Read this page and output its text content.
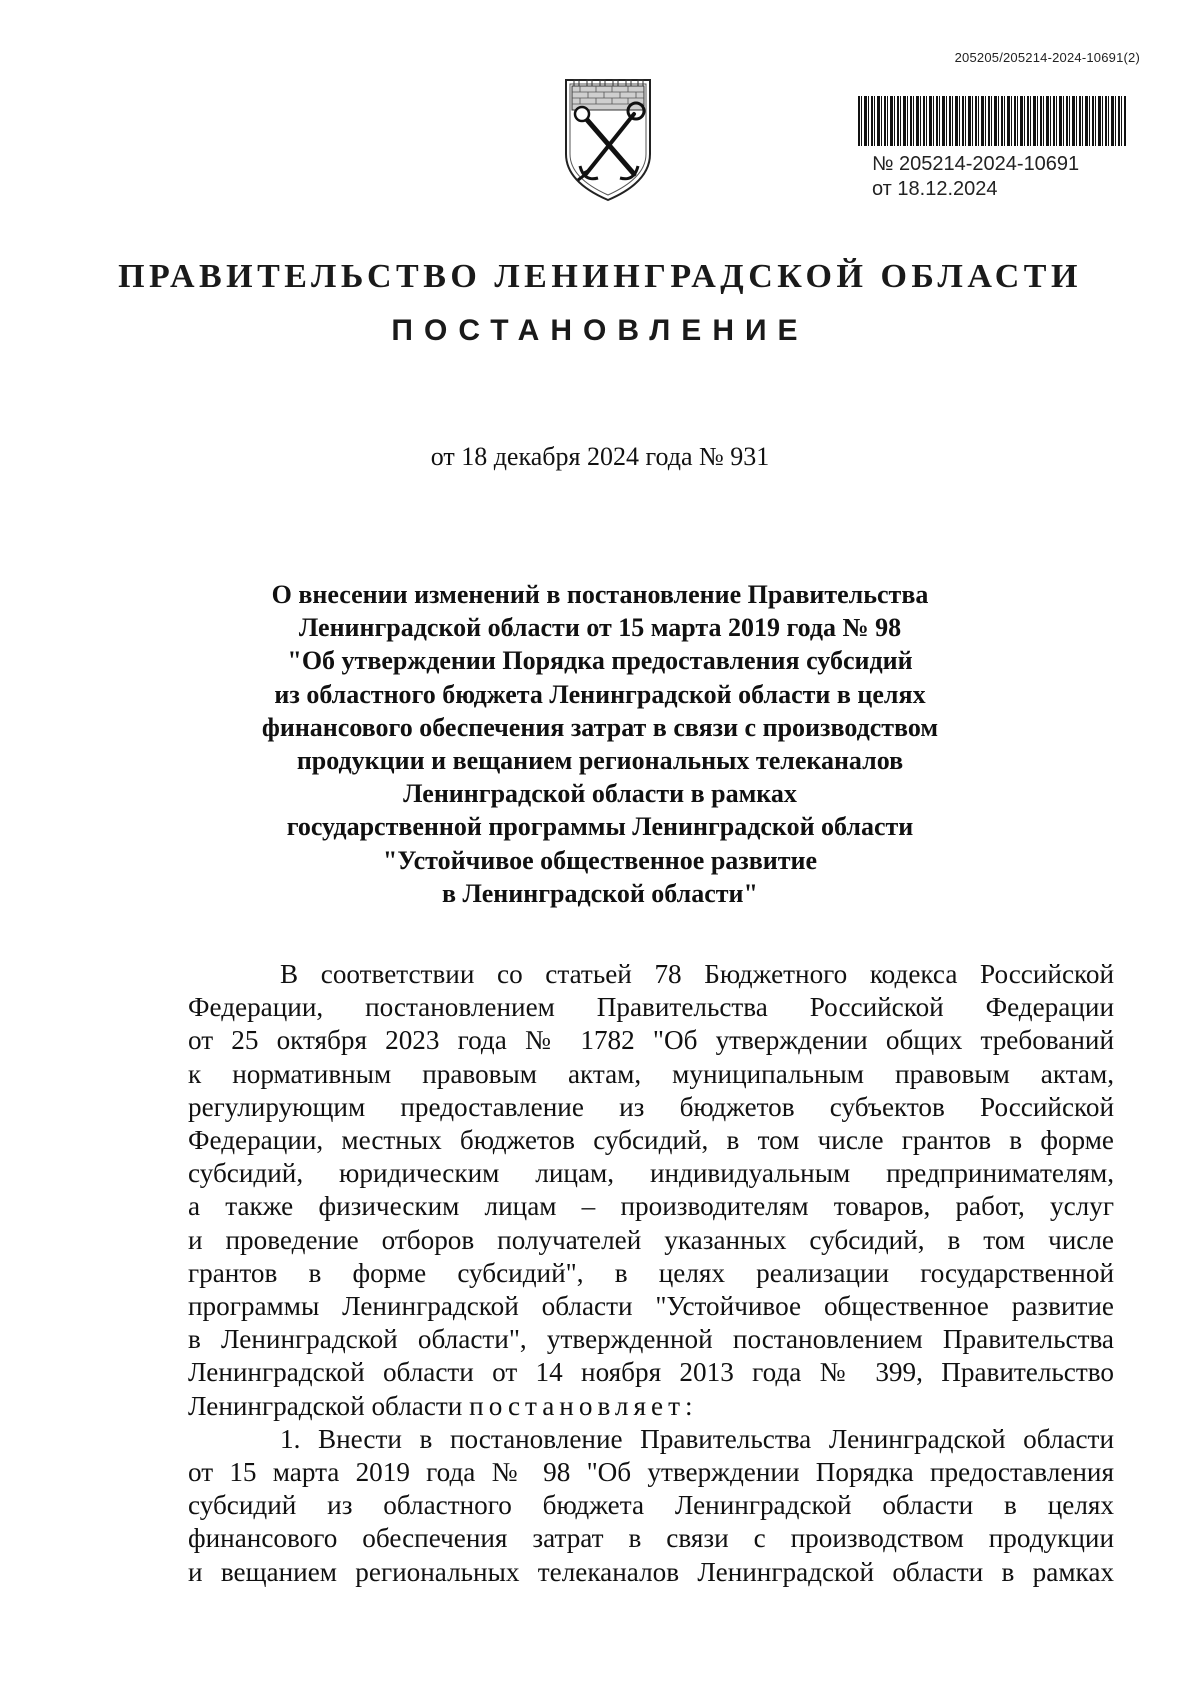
205205/205214-2024-10691(2)
№ 205214-2024-10691
от 18.12.2024
ПРАВИТЕЛЬСТВО ЛЕНИНГРАДСКОЙ ОБЛАСТИ
ПОСТАНОВЛЕНИЕ
от 18 декабря 2024 года № 931
О внесении изменений в постановление Правительства
Ленинградской области от 15 марта 2019 года № 98
"Об утверждении Порядка предоставления субсидий
из областного бюджета Ленинградской области в целях
финансового обеспечения затрат в связи с производством
продукции и вещанием региональных телеканалов
Ленинградской области в рамках
государственной программы Ленинградской области
"Устойчивое общественное развитие
в Ленинградской области"
В соответствии со статьей 78 Бюджетного кодекса Российской
Федерации, постановлением Правительства Российской Федерации
от 25 октября 2023 года № 1782 "Об утверждении общих требований
к нормативным правовым актам, муниципальным правовым актам,
регулирующим предоставление из бюджетов субъектов Российской
Федерации, местных бюджетов субсидий, в том числе грантов в форме
субсидий, юридическим лицам, индивидуальным предпринимателям,
а также физическим лицам – производителям товаров, работ, услуг
и проведение отборов получателей указанных субсидий, в том числе
грантов в форме субсидий", в целях реализации государственной
программы Ленинградской области "Устойчивое общественное развитие
в Ленинградской области", утвержденной постановлением Правительства
Ленинградской области от 14 ноября 2013 года № 399, Правительство
Ленинградской области постановляет:
1. Внести в постановление Правительства Ленинградской области
от 15 марта 2019 года № 98 "Об утверждении Порядка предоставления
субсидий из областного бюджета Ленинградской области в целях
финансового обеспечения затрат в связи с производством продукции
и вещанием региональных телеканалов Ленинградской области в рамках
